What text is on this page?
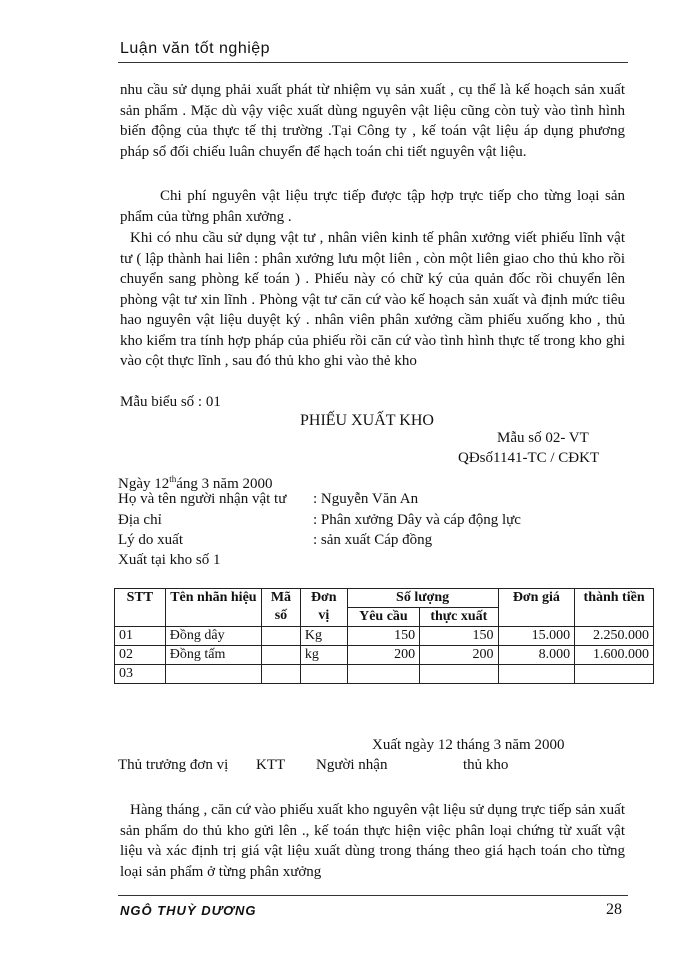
Luận văn tốt nghiệp

nhu cầu sử dụng phải xuất phát từ nhiệm vụ sản xuất , cụ thể là kế hoạch sản xuất sản phẩm . Mặc dù vậy việc xuất dùng nguyên vật liệu cũng còn tuỳ vào tình hình biến động của thực tế thị trường .Tại Công ty , kế toán vật liệu áp dụng phương pháp sổ đối chiếu luân chuyển để hạch toán chi tiết nguyên vật liệu.

Chi phí nguyên vật liệu trực tiếp được tập hợp trực tiếp cho từng loại sản phẩm của từng phân xưởng .

Khi có nhu cầu sử dụng vật tư , nhân viên kinh tế phân xưởng viết phiếu lĩnh vật tư ( lập thành hai liên : phân xưởng lưu một liên , còn một liên giao cho thủ kho rồi chuyển sang phòng kế toán ) . Phiếu này có chữ ký của quản đốc rồi chuyển lên phòng vật tư xin lĩnh . Phòng vật tư căn cứ vào kế hoạch sản xuất và định mức tiêu hao nguyên vật liệu duyệt ký . nhân viên phân xưởng cầm phiếu xuống kho , thủ kho kiểm tra tính hợp pháp của phiếu rồi căn cứ vào tình hình thực tế trong kho ghi vào cột thực lĩnh , sau đó thủ kho ghi vào thẻ kho

Mẫu biểu số : 01

PHIẾU XUẤT KHO
Mẫu số 02- VT
QĐsố1141-TC / CĐKT
Ngày 12tháng 3 năm 2000
Họ và tên người nhận vật tư : Nguyễn Văn An
Địa chỉ	: Phân xưởng Dây và cáp động lực
Lý do xuất	: sản xuất Cáp đồng
Xuất tại kho số 1
STT	Tên nhãn hiệu	Mã số	Đơn vị	Số lượng		Đơn giá	thành tiền
				Yêu cầu	thực xuất		
01	Đồng dây		Kg	150	150	15.000	2.250.000
02	Đồng tấm		kg	200	200	8.000	1.600.000
03							
Xuất ngày 12 tháng 3 năm 2000
Thủ trưởng đơn vị KTT Người nhận	thủ kho

Hàng tháng , căn cứ vào phiếu xuất kho nguyên vật liệu sử dụng trực tiếp sản xuất sản phẩm do thủ kho gửi lên ., kế toán thực hiện việc phân loại chứng từ xuất vật liệu và xác định trị giá vật liệu xuất dùng trong tháng theo giá hạch toán cho từng loại sản phẩm ở từng phân xưởng

NGÔ THUỲ DƯƠNG	28
